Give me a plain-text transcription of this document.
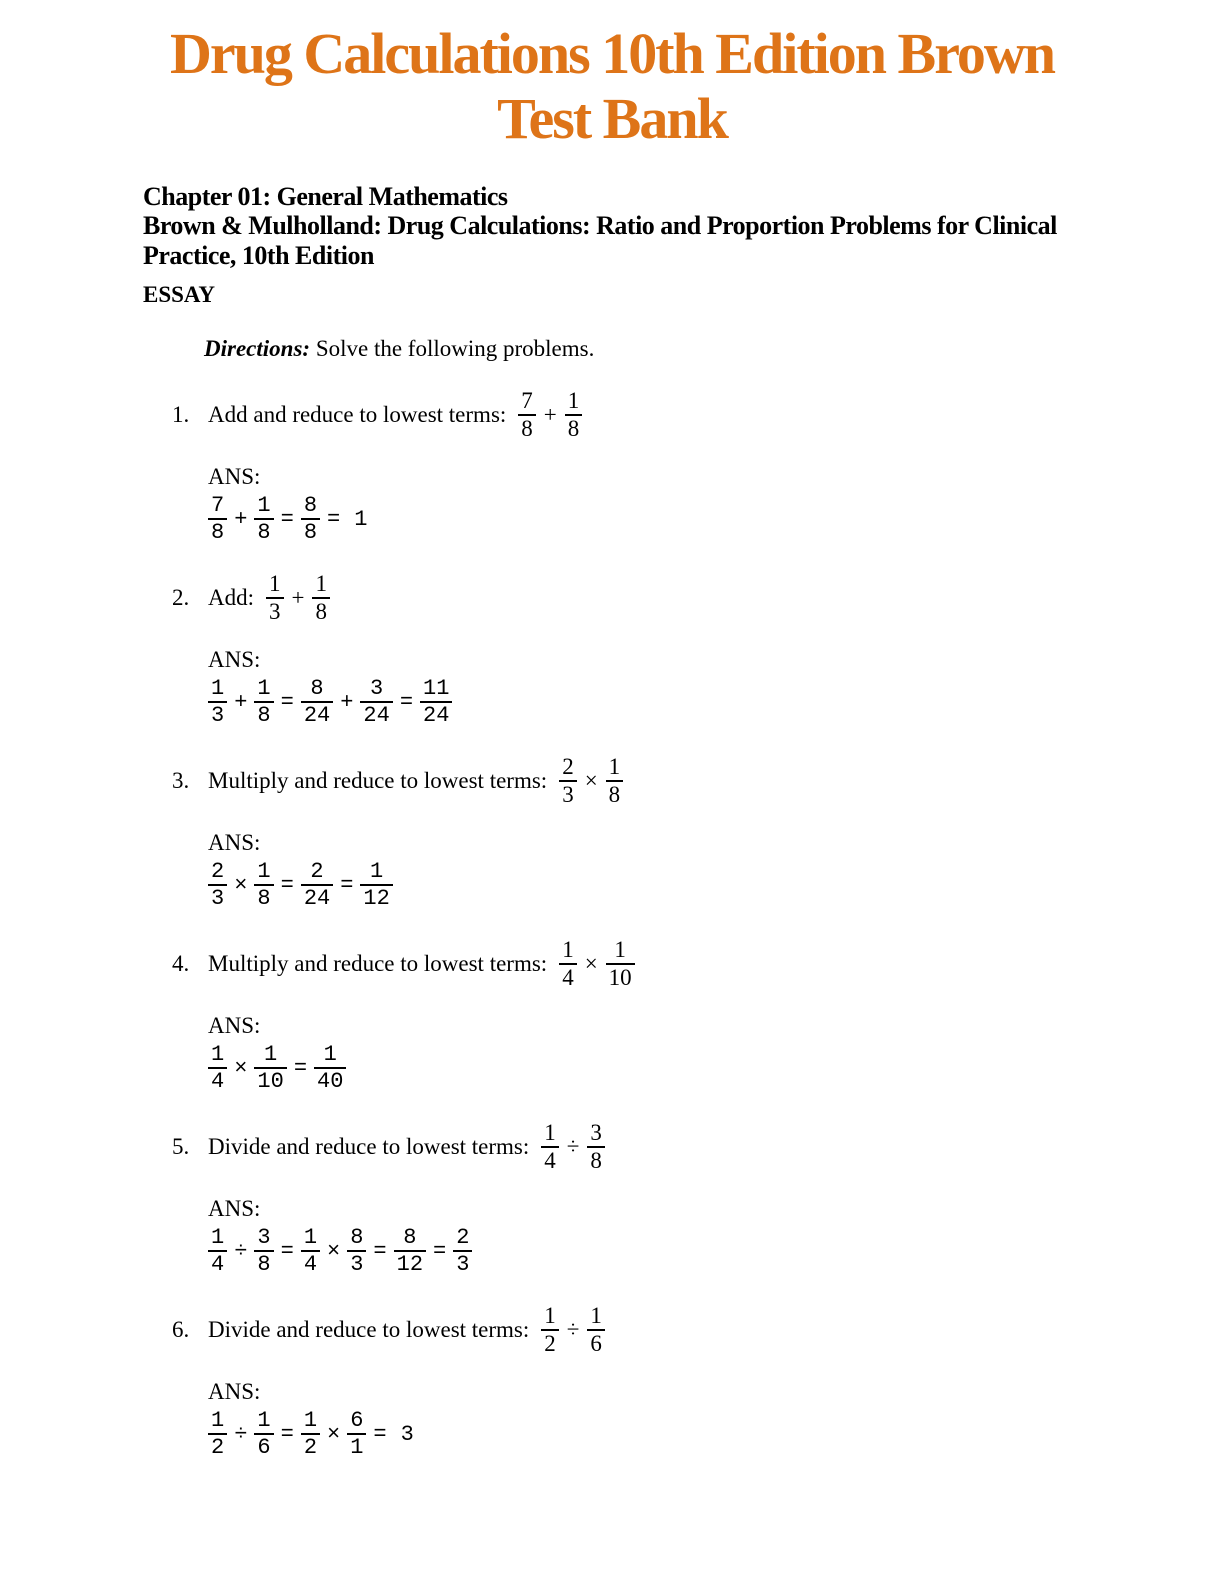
Drug Calculations 10th Edition Brown
Test Bank
Chapter 01: General Mathematics
Brown & Mulholland: Drug Calculations: Ratio and Proportion Problems for Clinical
Practice, 10th Edition
ESSAY

Directions: Solve the following problems.

1. Add and reduce to lowest terms: $\frac{7}{8} + \frac{1}{8}$
ANS:
$\frac{7}{8} + \frac{1}{8} = \frac{8}{8} = 1$
2. Add: $\frac{1}{3} + \frac{1}{8}$
ANS:
$\frac{1}{3} + \frac{1}{8} = \frac{8}{24} + \frac{3}{24} = \frac{11}{24}$
3. Multiply and reduce to lowest terms: $\frac{2}{3} \times \frac{1}{8}$
ANS:
$\frac{2}{3} \times \frac{1}{8} = \frac{2}{24} = \frac{1}{12}$
4. Multiply and reduce to lowest terms: $\frac{1}{4} \times \frac{1}{10}$
ANS:
$\frac{1}{4} \times \frac{1}{10} = \frac{1}{40}$
5. Divide and reduce to lowest terms: $\frac{1}{4} \div \frac{3}{8}$
ANS:
$\frac{1}{4} \div \frac{3}{8} = \frac{1}{4} \times \frac{8}{3} = \frac{8}{12} = \frac{2}{3}$
6. Divide and reduce to lowest terms: $\frac{1}{2} \div \frac{1}{6}$
ANS:
$\frac{1}{2} \div \frac{1}{6} = \frac{1}{2} \times \frac{6}{1} = 3$
